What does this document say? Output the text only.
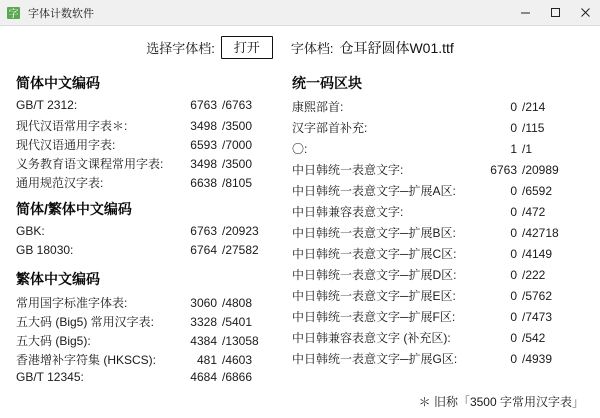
字 字体计数软件
选择字体档:	打开	字体档: 仓耳舒圆体W01.ttf
简体中文编码
GB/T 2312:	6763 /6763
现代汉语常用字表＊:	3498 /3500
现代汉语通用字表:	6593 /7000
义务教育语文课程常用字表:	3498 /3500
通用规范汉字表:	6638 /8105
简体/繁体中文编码
GBK:	6763 /20923
GB 18030:	6764 /27582
繁体中文编码
常用国字标准字体表:	3060 /4808
五大码 (Big5) 常用汉字表:	3328 /5401
五大码 (Big5):	4384 /13058
香港增补字符集 (HKSCS):	481 /4603
GB/T 12345:	4684 /6866
统一码区块
康熙部首:	0 /214
汉字部首补充:	0 /115
〇:	1 /1
中日韩统一表意文字:	6763 /20989
中日韩统一表意文字─扩展A区:	0 /6592
中日韩兼容表意文字:	0 /472
中日韩统一表意文字─扩展B区:	0 /42718
中日韩统一表意文字─扩展C区:	0 /4149
中日韩统一表意文字─扩展D区:	0 /222
中日韩统一表意文字─扩展E区:	0 /5762
中日韩统一表意文字─扩展F区:	0 /7473
中日韩兼容表意文字 (补充区):	0 /542
中日韩统一表意文字─扩展G区:	0 /4939
＊ 旧称「3500 字常用汉字表」
